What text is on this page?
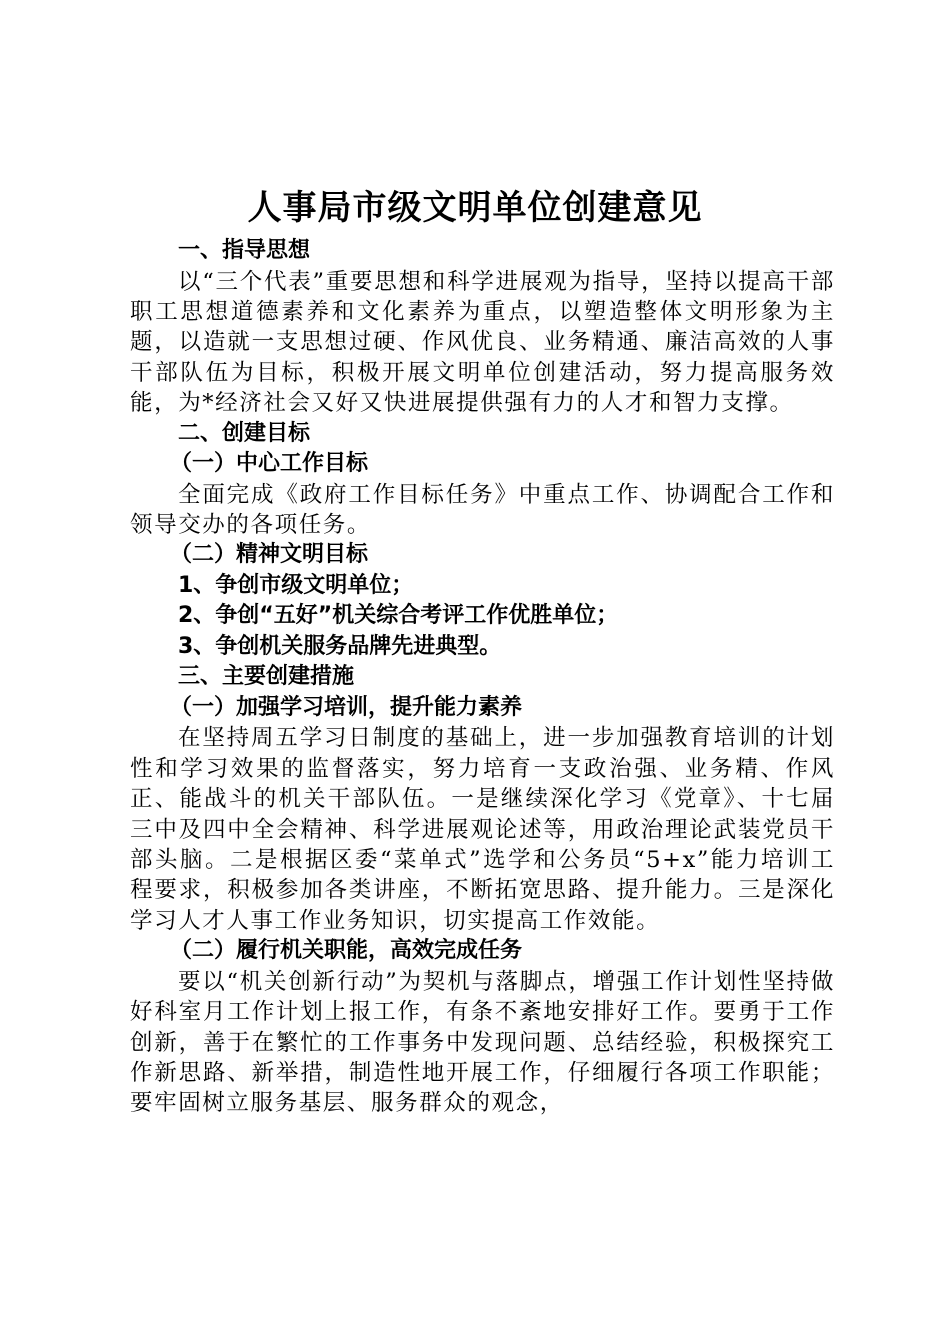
人事局市级文明单位创建意见

一、指导思想

以“三个代表”重要思想和科学进展观为指导，坚持以提高干部职工思想道德素养和文化素养为重点，以塑造整体文明形象为主题，以造就一支思想过硬、作风优良、业务精通、廉洁高效的人事干部队伍为目标，积极开展文明单位创建活动，努力提高服务效能，为*经济社会又好又快进展提供强有力的人才和智力支撑。

二、创建目标

（一）中心工作目标

全面完成《政府工作目标任务》中重点工作、协调配合工作和领导交办的各项任务。

（二）精神文明目标

1、争创市级文明单位；

2、争创“五好”机关综合考评工作优胜单位；

3、争创机关服务品牌先进典型。

三、主要创建措施

（一）加强学习培训，提升能力素养

在坚持周五学习日制度的基础上，进一步加强教育培训的计划性和学习效果的监督落实，努力培育一支政治强、业务精、作风正、能战斗的机关干部队伍。一是继续深化学习《党章》、十七届三中及四中全会精神、科学进展观论述等，用政治理论武装党员干部头脑。二是根据区委“菜单式”选学和公务员“5+x”能力培训工程要求，积极参加各类讲座，不断拓宽思路、提升能力。三是深化学习人才人事工作业务知识，切实提高工作效能。

（二）履行机关职能，高效完成任务

要以“机关创新行动”为契机与落脚点，增强工作计划性坚持做好科室月工作计划上报工作，有条不紊地安排好工作。要勇于工作创新，善于在繁忙的工作事务中发现问题、总结经验，积极探究工作新思路、新举措，制造性地开展工作，仔细履行各项工作职能；要牢固树立服务基层、服务群众的观念，
